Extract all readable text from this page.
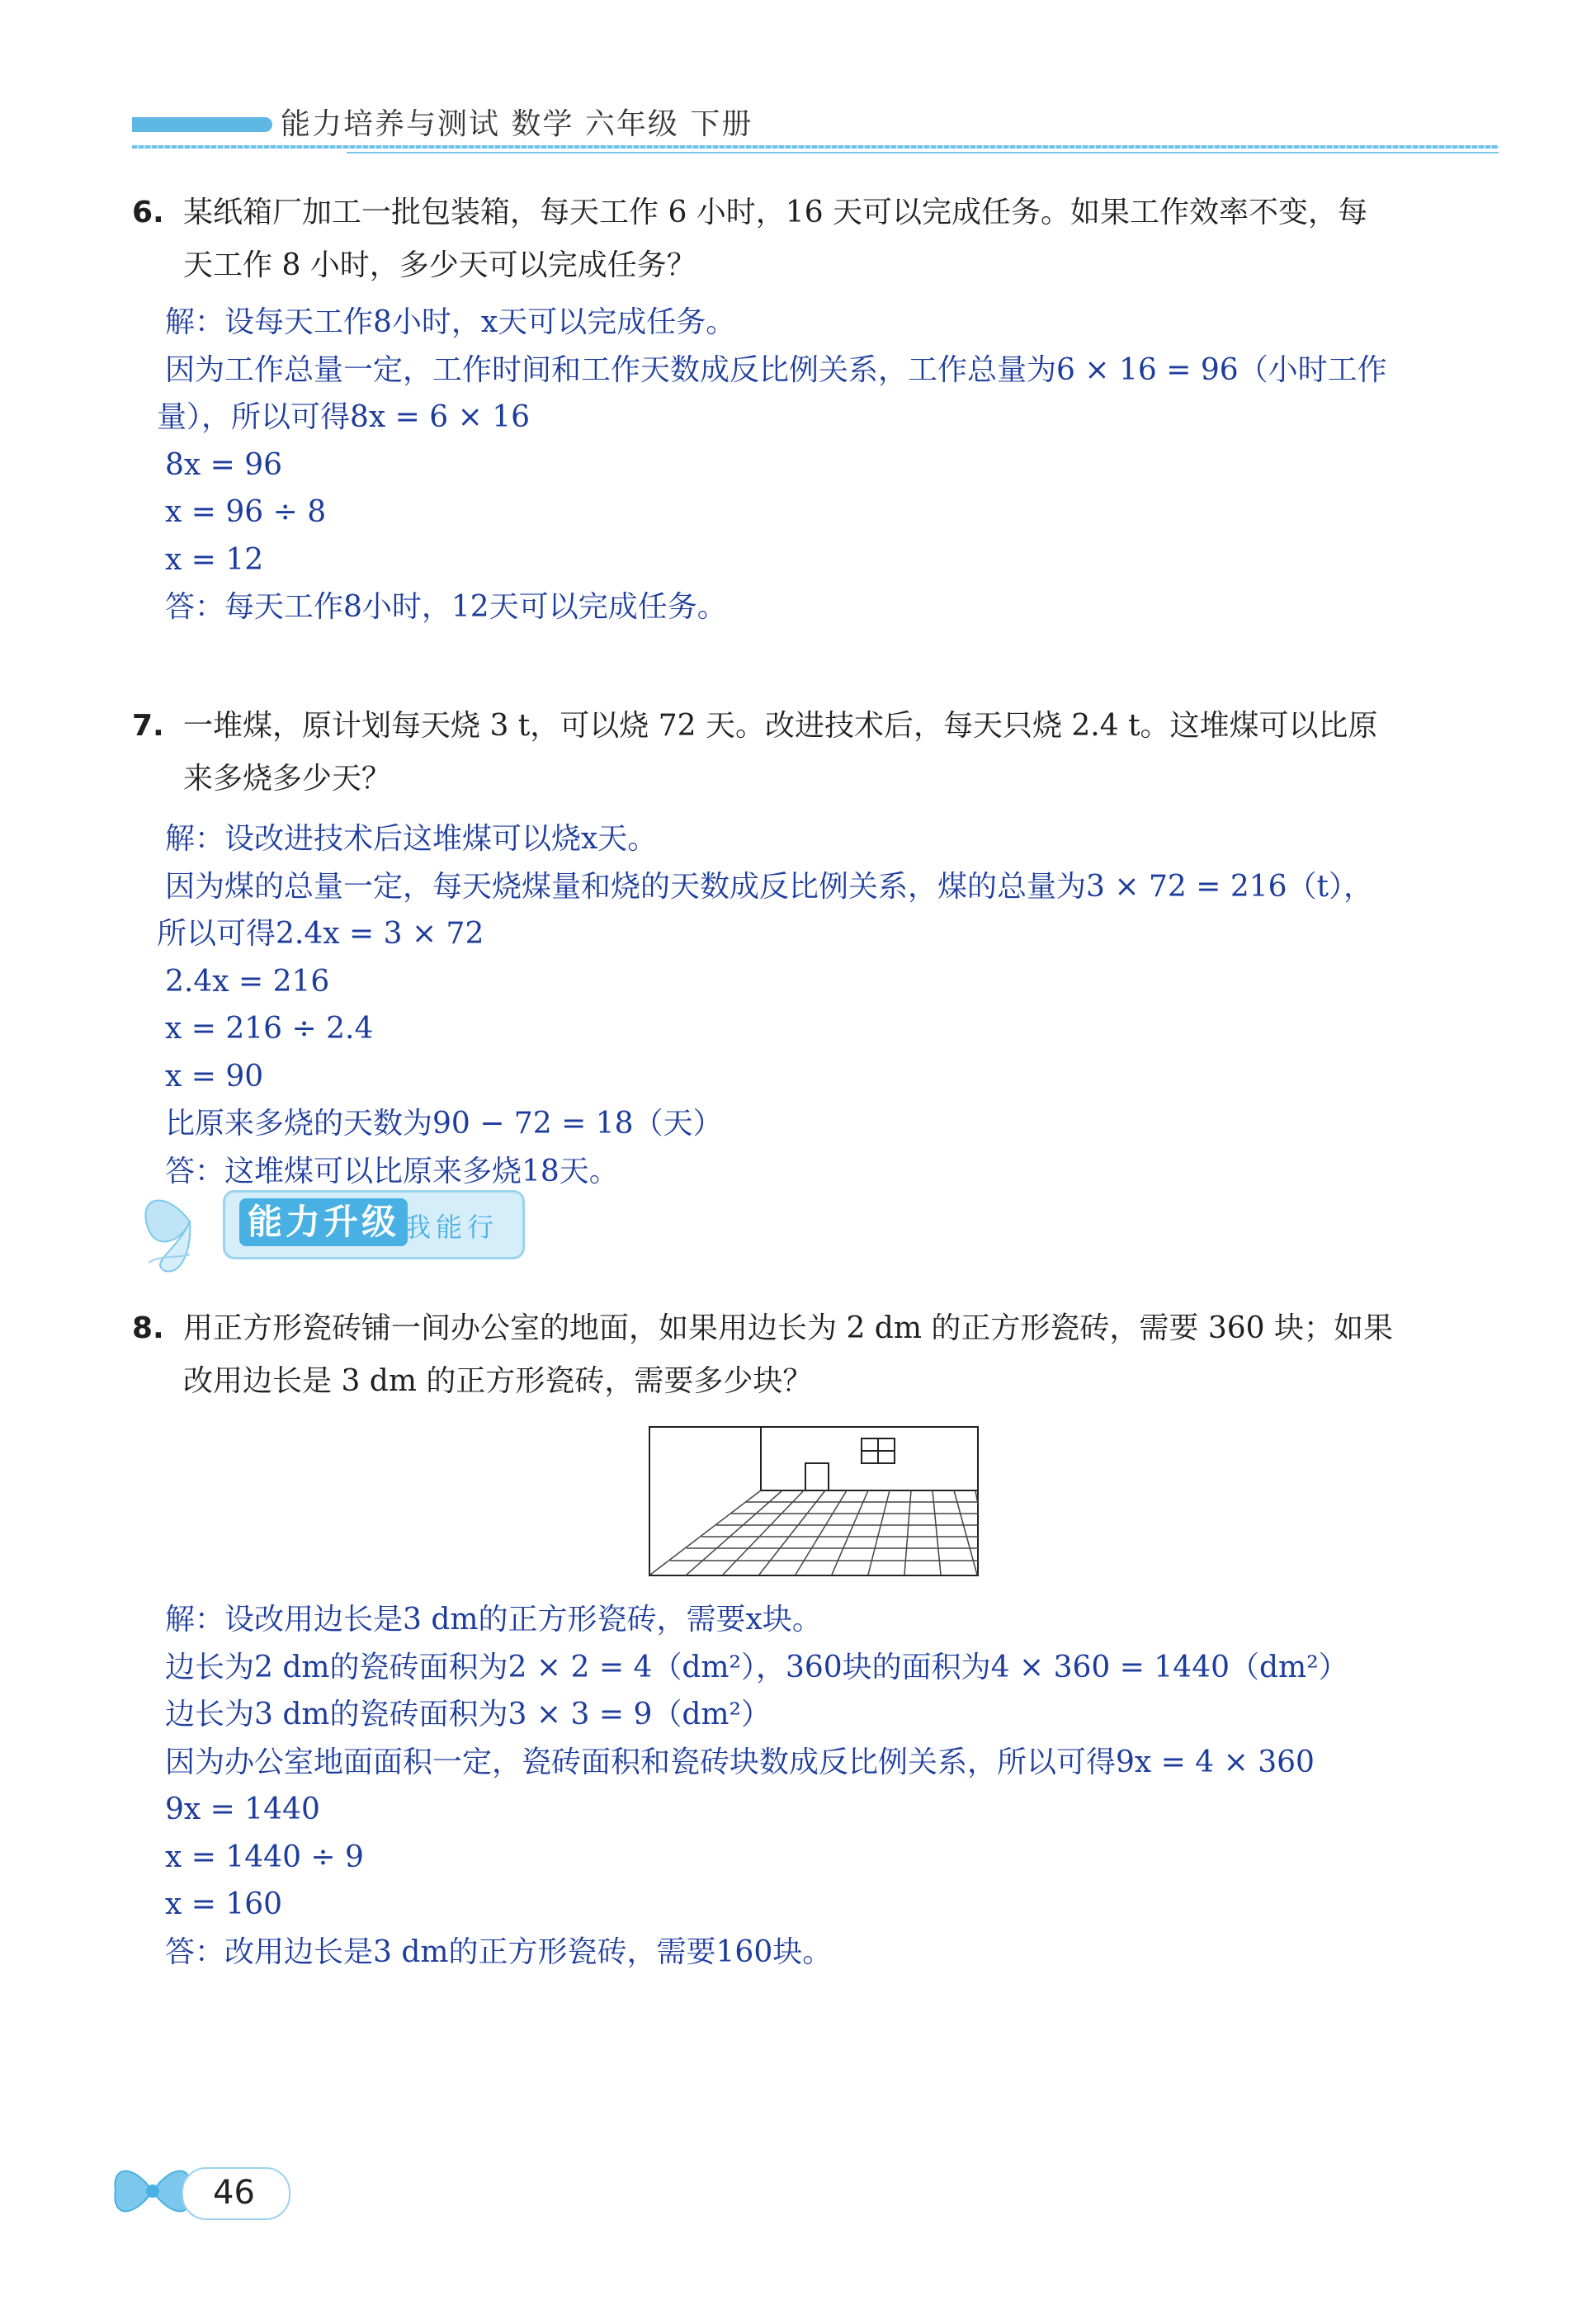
能力培养与测试 数学 六年级 下册
6. 某纸箱厂加工一批包装箱，每天工作 6 小时，16 天可以完成任务。如果工作效率不变，每
天工作 8 小时，多少天可以完成任务？
解：设每天工作8小时，x天可以完成任务。
因为工作总量一定，工作时间和工作天数成反比例关系，工作总量为6 × 16 = 96（小时工作
量），所以可得8x = 6 × 16
8x = 96
x = 96 ÷ 8
x = 12
答：每天工作8小时，12天可以完成任务。
7. 一堆煤，原计划每天烧 3 t，可以烧 72 天。改进技术后，每天只烧 2.4 t。这堆煤可以比原
来多烧多少天？
解：设改进技术后这堆煤可以烧x天。
因为煤的总量一定，每天烧煤量和烧的天数成反比例关系，煤的总量为3 × 72 = 216（t），
所以可得2.4x = 3 × 72
2.4x = 216
x = 216 ÷ 2.4
x = 90
比原来多烧的天数为90 − 72 = 18（天）
答：这堆煤可以比原来多烧18天。
能力升级 我能行
8. 用正方形瓷砖铺一间办公室的地面，如果用边长为 2 dm 的正方形瓷砖，需要 360 块；如果
改用边长是 3 dm 的正方形瓷砖，需要多少块？
解：设改用边长是3 dm的正方形瓷砖，需要x块。
边长为2 dm的瓷砖面积为2 × 2 = 4（dm²），360块的面积为4 × 360 = 1440（dm²）
边长为3 dm的瓷砖面积为3 × 3 = 9（dm²）
因为办公室地面面积一定，瓷砖面积和瓷砖块数成反比例关系，所以可得9x = 4 × 360
9x = 1440
x = 1440 ÷ 9
x = 160
答：改用边长是3 dm的正方形瓷砖，需要160块。
46
